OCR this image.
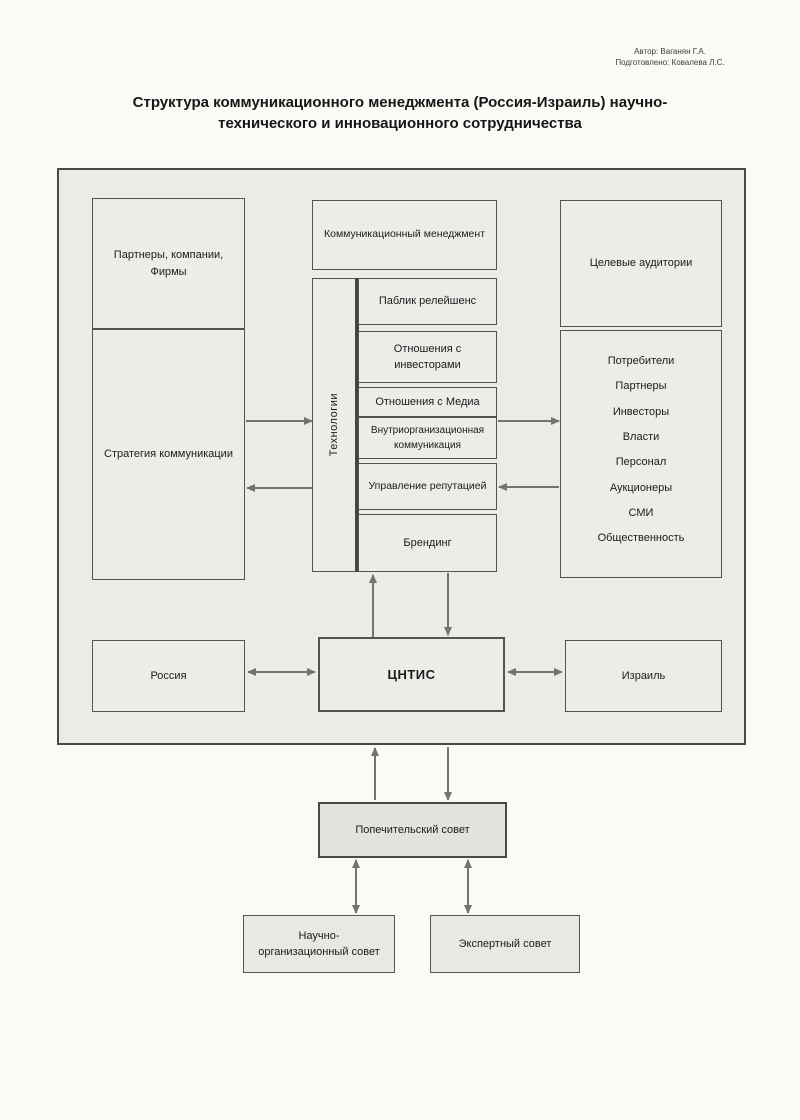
Автор: Ваганян Г.А.
Подготовлено: Ковалева Л.С.
Структура коммуникационного менеджмента (Россия-Израиль) научно-технического и инновационного сотрудничества
Партнеры, компании, Фирмы
Стратегия коммуникации
Коммуникационный менеджмент
Технологии
Паблик релейшенс
Отношения с инвесторами
Отношения с Медиа
Внутриорганизационная коммуникация
Управление репутацией
Брендинг
Целевые аудитории
Потребители
Партнеры
Инвесторы
Власти
Персонал
Аукционеры
СМИ
Общественность
Россия	ЦНТИС	Израиль
Попечительский совет
Научно-организационный совет
Экспертный совет
